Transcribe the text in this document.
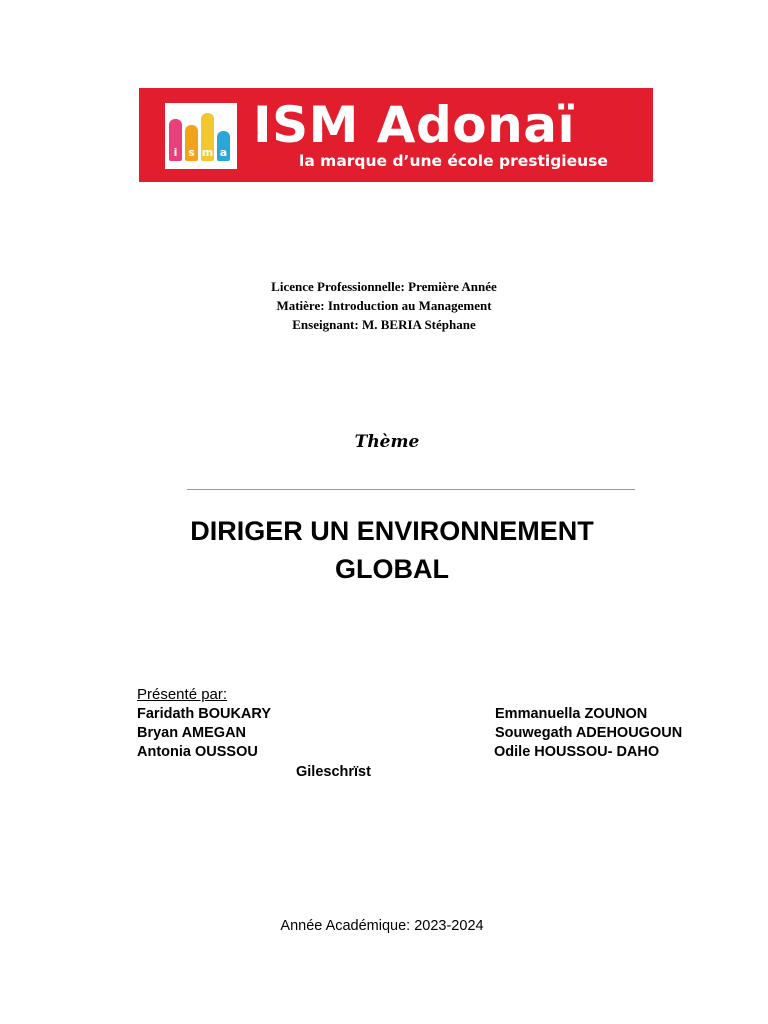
i s m a ISM Adonaï
la marque d’une école prestigieuse
Licence Professionnelle: Première Année
Matière: Introduction au Management
Enseignant: M. BERIA Stéphane
Thème
DIRIGER UN ENVIRONNEMENT
GLOBAL
Présenté par:
Faridath BOUKARY
Bryan AMEGAN
Antonia OUSSOU
Emmanuella ZOUNON
Souwegath ADEHOUGOUN
Odile HOUSSOU- DAHO
Gileschrïst
Année Académique: 2023-2024
